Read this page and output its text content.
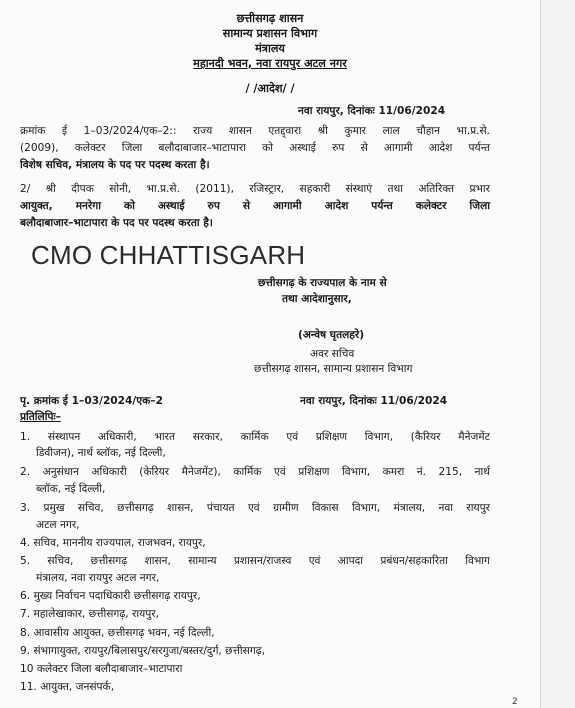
छत्तीसगढ़ शासन
सामान्य प्रशासन विभाग
मंत्रालय
महानदी भवन, नवा रायपुर अटल नगर
/ /आदेश/ /
नवा रायपुर, दिनांकः 11/06/2024
क्रमांक ई 1–03/2024/एक–2:: राज्य शासन एतद्द्वारा श्री कुमार लाल चौहान भा.प्र.से.
(2009), कलेक्टर जिला बलौदाबाजार–भाटापारा को अस्थाई रुप से आगामी आदेश पर्यन्त
विशेष सचिव, मंत्रालय के पद पर पदस्थ करता है।
2/ श्री दीपक सोनी, भा.प्र.से. (2011), रजिस्ट्रार, सहकारी संस्थाएं तथा अतिरिक्त प्रभार
आयुक्त, मनरेगा को अस्थाई रुप से आगामी आदेश पर्यन्त कलेक्टर जिला
बलौदाबाजार–भाटापारा के पद पर पदस्थ करता है।
CMO CHHATTISGARH
छत्तीसगढ़ के राज्यपाल के नाम से
तथा आदेशानुसार,
(अन्वेष घृतलहरे)
अवर सचिव
छत्तीसगढ़ शासन, सामान्य प्रशासन विभाग
पृ. क्रमांक ई 1–03/2024/एक–2	नवा रायपुर, दिनांकः 11/06/2024
प्रतिलिपिः–
1. संस्थापन अधिकारी, भारत सरकार, कार्मिक एवं प्रशिक्षण विभाग, (कैरियर मैनेजमेंट
डिवीजन), नार्थ ब्लॉक, नई दिल्ली,
2. अनुसंधान अधिकारी (केरियर मैनेजमेंट), कार्मिक एवं प्रशिक्षण विभाग, कमरा नं. 215, नार्थ
ब्लॉक, नई दिल्ली,
3. प्रमुख सचिव, छत्तीसगढ़ शासन, पंचायत एवं ग्रामीण विकास विभाग, मंत्रालय, नवा रायपुर
अटल नगर,
4. सचिव, माननीय राज्यपाल, राजभवन, रायपुर,
5. सचिव, छत्तीसगढ़ शासन, सामान्य प्रशासन/राजस्व एवं आपदा प्रबंधन/सहकारिता विभाग
मंत्रालय, नवा रायपुर अटल नगर,
6. मुख्य निर्वाचन पदाधिकारी छत्तीसगढ़ रायपुर,
7. महालेखाकार, छत्तीसगढ़, रायपुर,
8. आवासीय आयुक्त, छत्तीसगढ़ भवन, नई दिल्ली,
9. संभागायुक्त, रायपुर/बिलासपुर/सरगुजा/बस्तर/दुर्ग, छत्तीसगढ़,
10 कलेक्टर जिला बलौदाबाजार–भाटापारा
11. आयुक्त, जनसंपर्क,
2
